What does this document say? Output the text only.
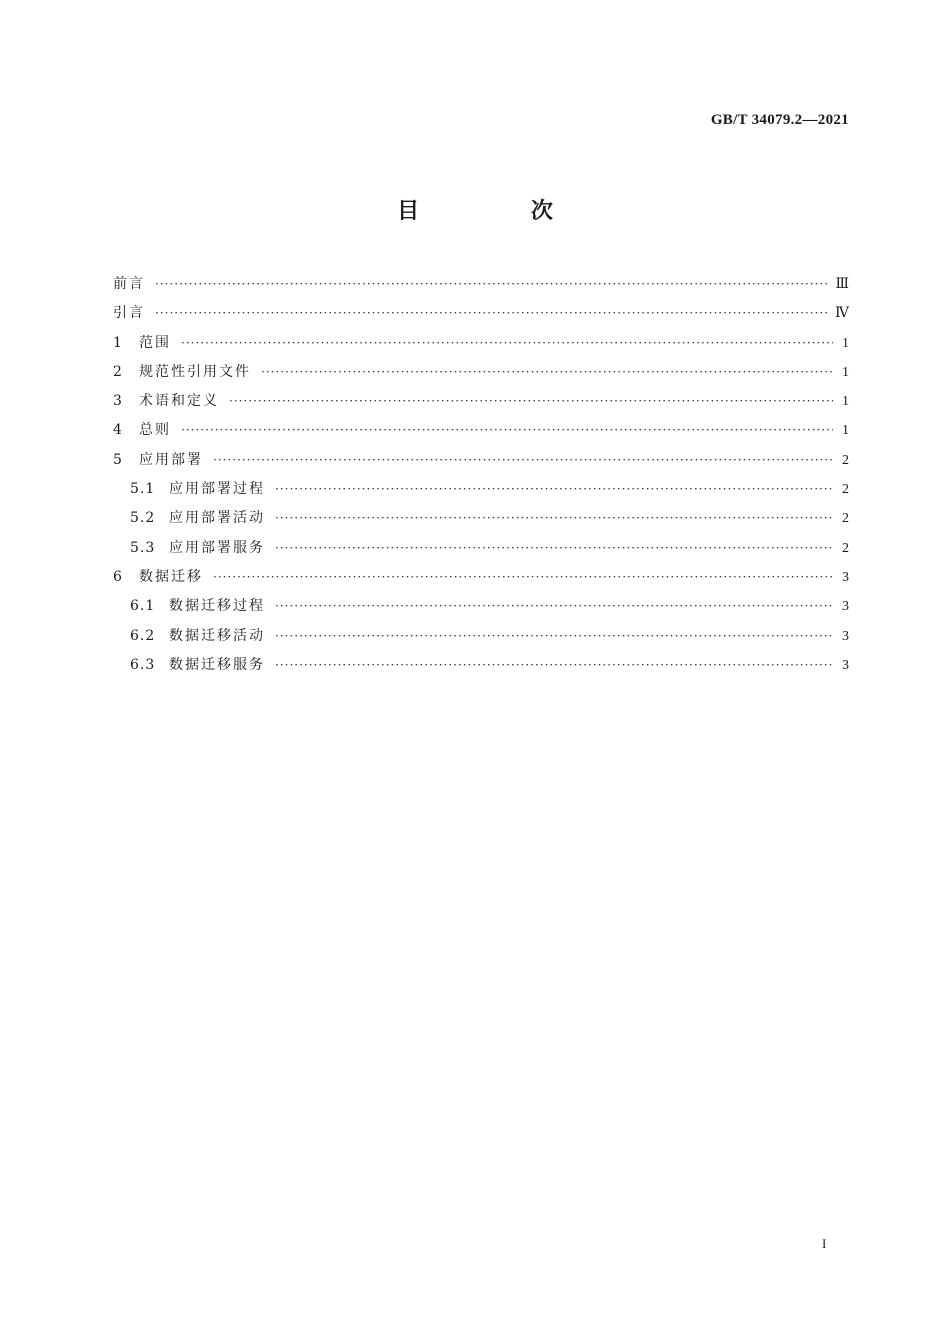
GB/T 34079.2—2021
目 次
前言 ·····	Ⅲ
引言 ·····	Ⅳ
1	范围 ·····	1
2	规范性引用文件 ·····	1
3	术语和定义 ·····	1
4	总则 ·····	1
5	应用部署 ·····	2
5.1 应用部署过程 ·····	2
5.2 应用部署活动 ·····	2
5.3 应用部署服务 ·····	2
6	数据迁移 ·····	3
6.1 数据迁移过程 ·····	3
6.2 数据迁移活动 ·····	3
6.3 数据迁移服务 ·····	3
I
